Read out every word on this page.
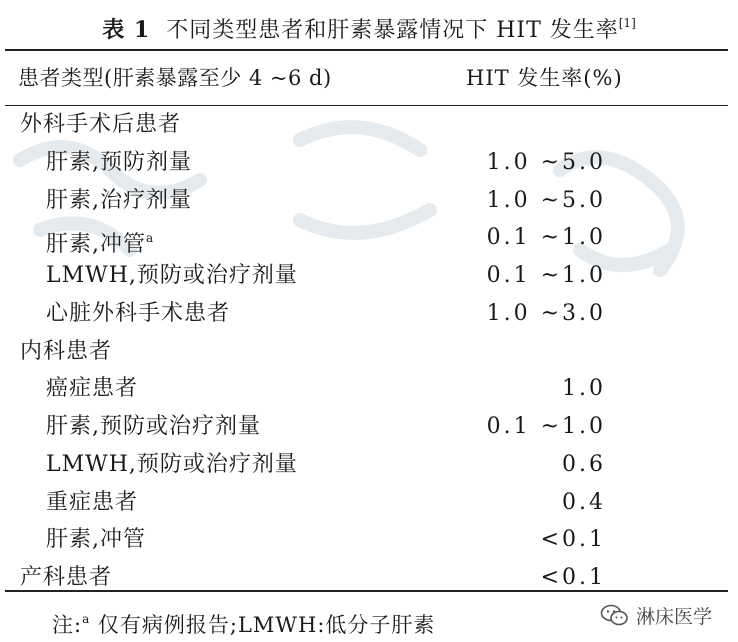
表 1 不同类型患者和肝素暴露情况下 HIT 发生率[1]
患者类型(肝素暴露至少 4 ~6 d)	HIT 发生率(%)
外科手术后患者
肝素,预防剂量	1.0 ~5.0
肝素,治疗剂量	1.0 ~5.0
肝素,冲管$^a$	0.1 ~1.0
LMWH,预防或治疗剂量	0.1 ~1.0
心脏外科手术患者	1.0 ~3.0
内科患者
癌症患者	1.0
肝素,预防或治疗剂量	0.1 ~1.0
LMWH,预防或治疗剂量	0.6
重症患者	0.4
肝素,冲管	<0.1
产科患者	<0.1
注:$^a$ 仅有病例报告;LMWH:低分子肝素	淋床医学
